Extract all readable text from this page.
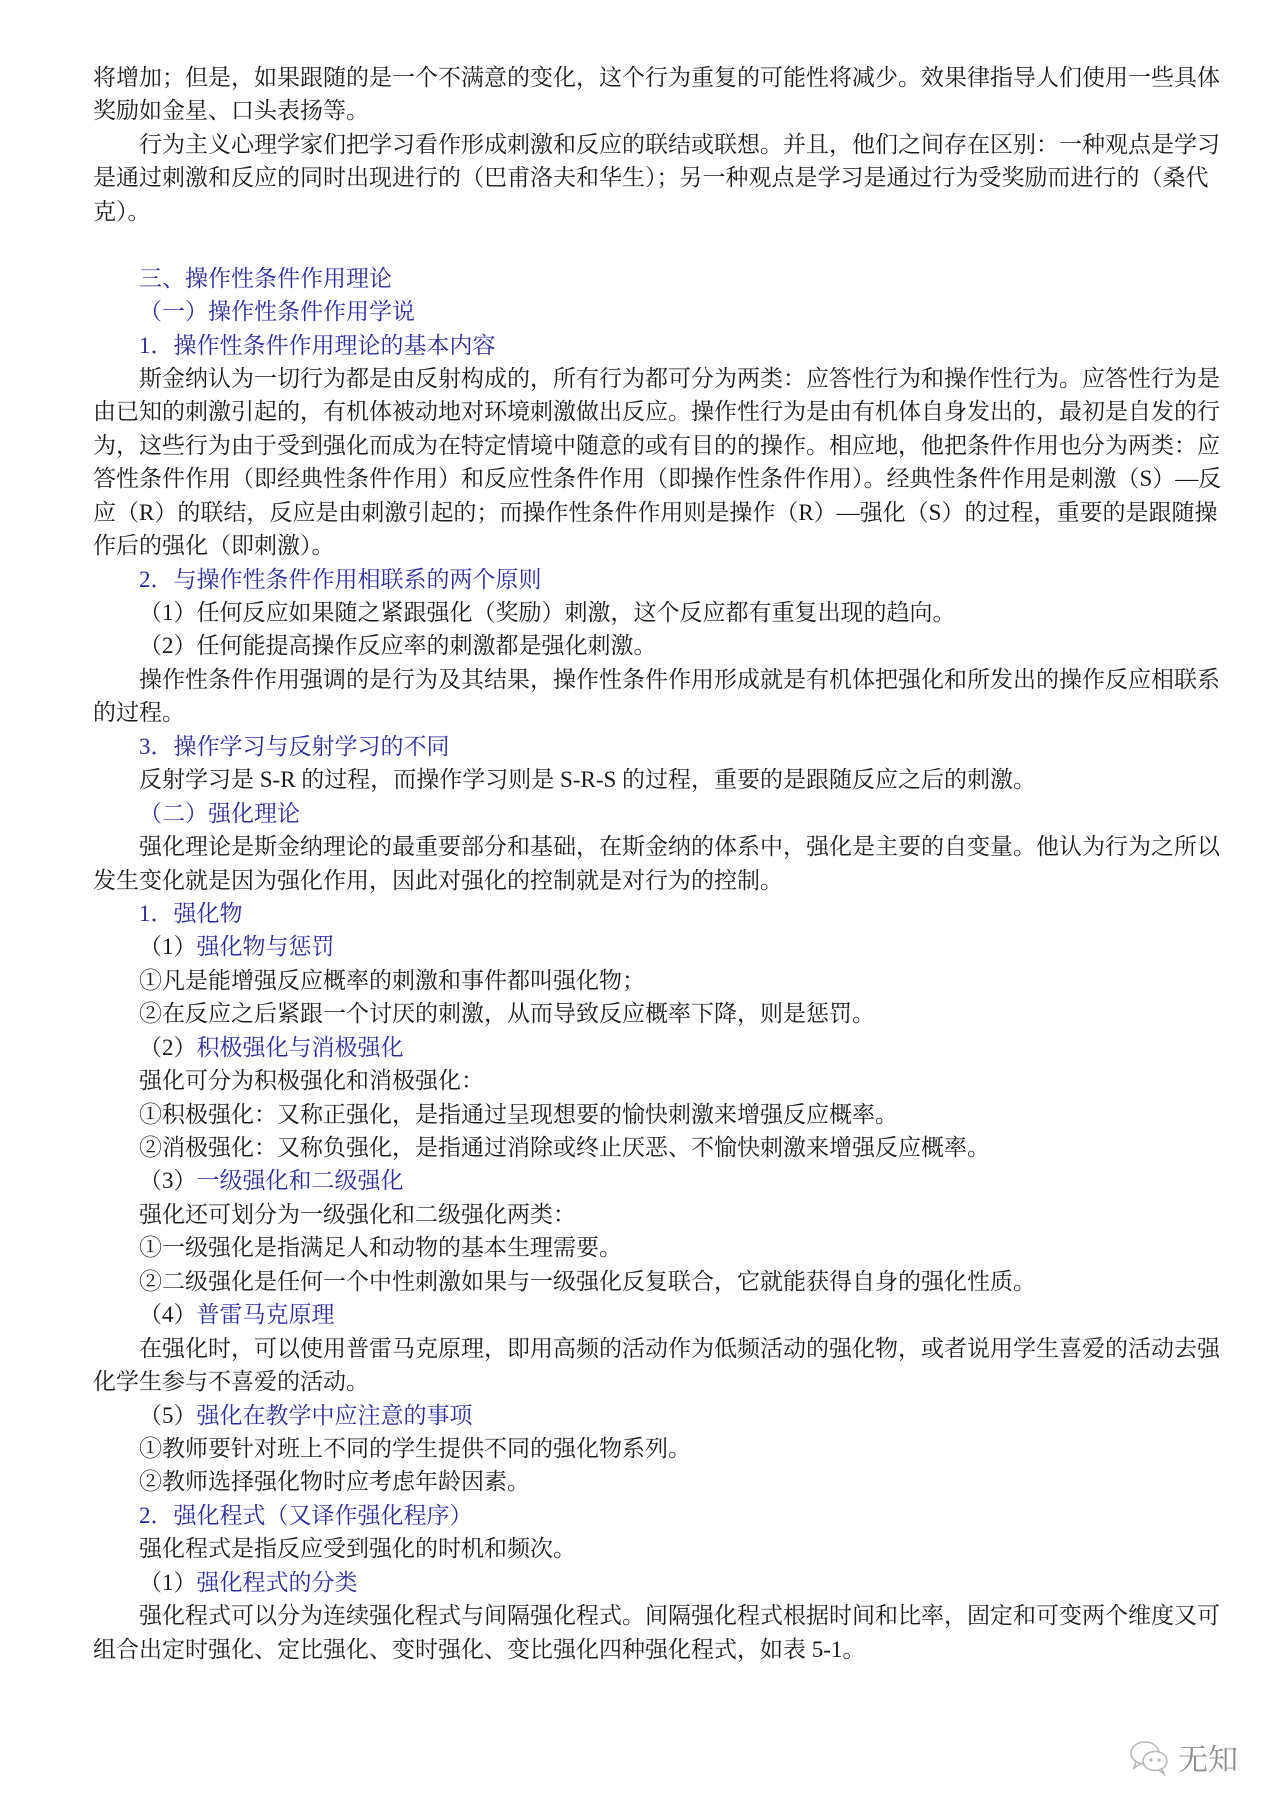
将增加；但是，如果跟随的是一个不满意的变化，这个行为重复的可能性将减少。效果律指导人们使用一些具体
奖励如金星、口头表扬等。
行为主义心理学家们把学习看作形成刺激和反应的联结或联想。并且，他们之间存在区别：一种观点是学习
是通过刺激和反应的同时出现进行的（巴甫洛夫和华生）；另一种观点是学习是通过行为受奖励而进行的（桑代
克）。
三、操作性条件作用理论
（一）操作性条件作用学说
1．操作性条件作用理论的基本内容
斯金纳认为一切行为都是由反射构成的，所有行为都可分为两类：应答性行为和操作性行为。应答性行为是
由已知的刺激引起的，有机体被动地对环境刺激做出反应。操作性行为是由有机体自身发出的，最初是自发的行
为，这些行为由于受到强化而成为在特定情境中随意的或有目的的操作。相应地，他把条件作用也分为两类：应
答性条件作用（即经典性条件作用）和反应性条件作用（即操作性条件作用）。经典性条件作用是刺激（S）—反
应（R）的联结，反应是由刺激引起的；而操作性条件作用则是操作（R）—强化（S）的过程，重要的是跟随操
作后的强化（即刺激）。
2．与操作性条件作用相联系的两个原则
（1）任何反应如果随之紧跟强化（奖励）刺激，这个反应都有重复出现的趋向。
（2）任何能提高操作反应率的刺激都是强化刺激。
操作性条件作用强调的是行为及其结果，操作性条件作用形成就是有机体把强化和所发出的操作反应相联系
的过程。
3．操作学习与反射学习的不同
反射学习是 S-R 的过程，而操作学习则是 S-R-S 的过程，重要的是跟随反应之后的刺激。
（二）强化理论
强化理论是斯金纳理论的最重要部分和基础，在斯金纳的体系中，强化是主要的自变量。他认为行为之所以
发生变化就是因为强化作用，因此对强化的控制就是对行为的控制。
1．强化物
（1）强化物与惩罚
①凡是能增强反应概率的刺激和事件都叫强化物；
②在反应之后紧跟一个讨厌的刺激，从而导致反应概率下降，则是惩罚。
（2）积极强化与消极强化
强化可分为积极强化和消极强化：
①积极强化：又称正强化，是指通过呈现想要的愉快刺激来增强反应概率。
②消极强化：又称负强化，是指通过消除或终止厌恶、不愉快刺激来增强反应概率。
（3）一级强化和二级强化
强化还可划分为一级强化和二级强化两类：
①一级强化是指满足人和动物的基本生理需要。
②二级强化是任何一个中性刺激如果与一级强化反复联合，它就能获得自身的强化性质。
（4）普雷马克原理
在强化时，可以使用普雷马克原理，即用高频的活动作为低频活动的强化物，或者说用学生喜爱的活动去强
化学生参与不喜爱的活动。
（5）强化在教学中应注意的事项
①教师要针对班上不同的学生提供不同的强化物系列。
②教师选择强化物时应考虑年龄因素。
2．强化程式（又译作强化程序）
强化程式是指反应受到强化的时机和频次。
（1）强化程式的分类
强化程式可以分为连续强化程式与间隔强化程式。间隔强化程式根据时间和比率，固定和可变两个维度又可
组合出定时强化、定比强化、变时强化、变比强化四种强化程式，如表 5-1。
无知
